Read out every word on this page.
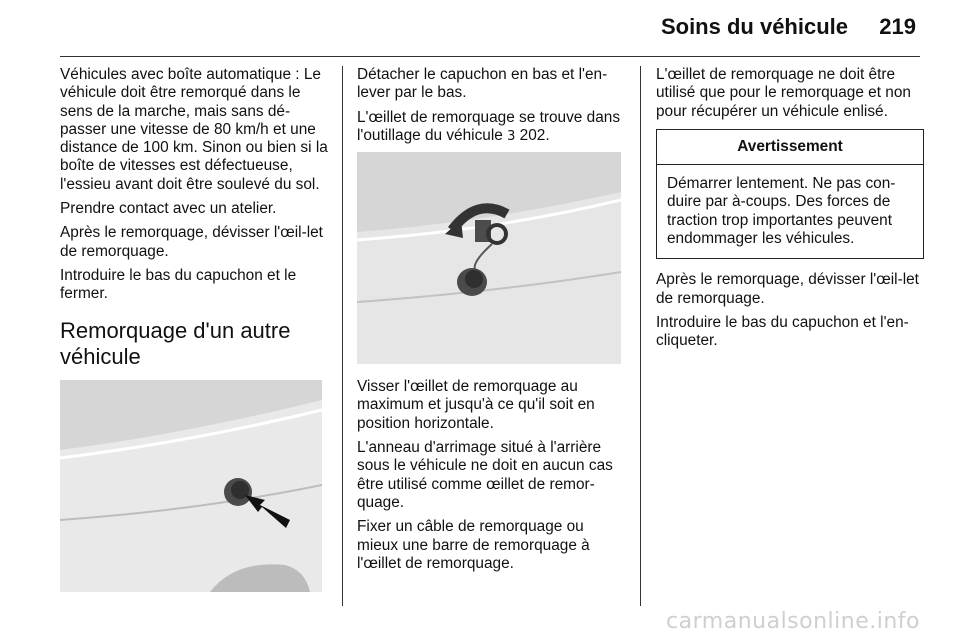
Soins du véhicule 219

Véhicules avec boîte automatique : Le véhicule doit être remorqué dans le sens de la marche, mais sans dé-passer une vitesse de 80 km/h et une distance de 100 km. Sinon ou bien si la boîte de vitesses est défectueuse, l'essieu avant doit être soulevé du sol.

Prendre contact avec un atelier.

Après le remorquage, dévisser l'œil-let de remorquage.

Introduire le bas du capuchon et le fermer.

Remorquage d'un autre véhicule

Détacher le capuchon en bas et l'en-lever par le bas.

L'œillet de remorquage se trouve dans l'outillage du véhicule 3 202.

Visser l'œillet de remorquage au maximum et jusqu'à ce qu'il soit en position horizontale.

L'anneau d'arrimage situé à l'arrière sous le véhicule ne doit en aucun cas être utilisé comme œillet de remor-quage.

Fixer un câble de remorquage ou mieux une barre de remorquage à l'œillet de remorquage.

L'œillet de remorquage ne doit être utilisé que pour le remorquage et non pour récupérer un véhicule enlisé.

Avertissement
Démarrer lentement. Ne pas con-duire par à-coups. Des forces de traction trop importantes peuvent endommager les véhicules.

Après le remorquage, dévisser l'œil-let de remorquage.

Introduire le bas du capuchon et l'en-cliqueter.

carmanualsonline.info
